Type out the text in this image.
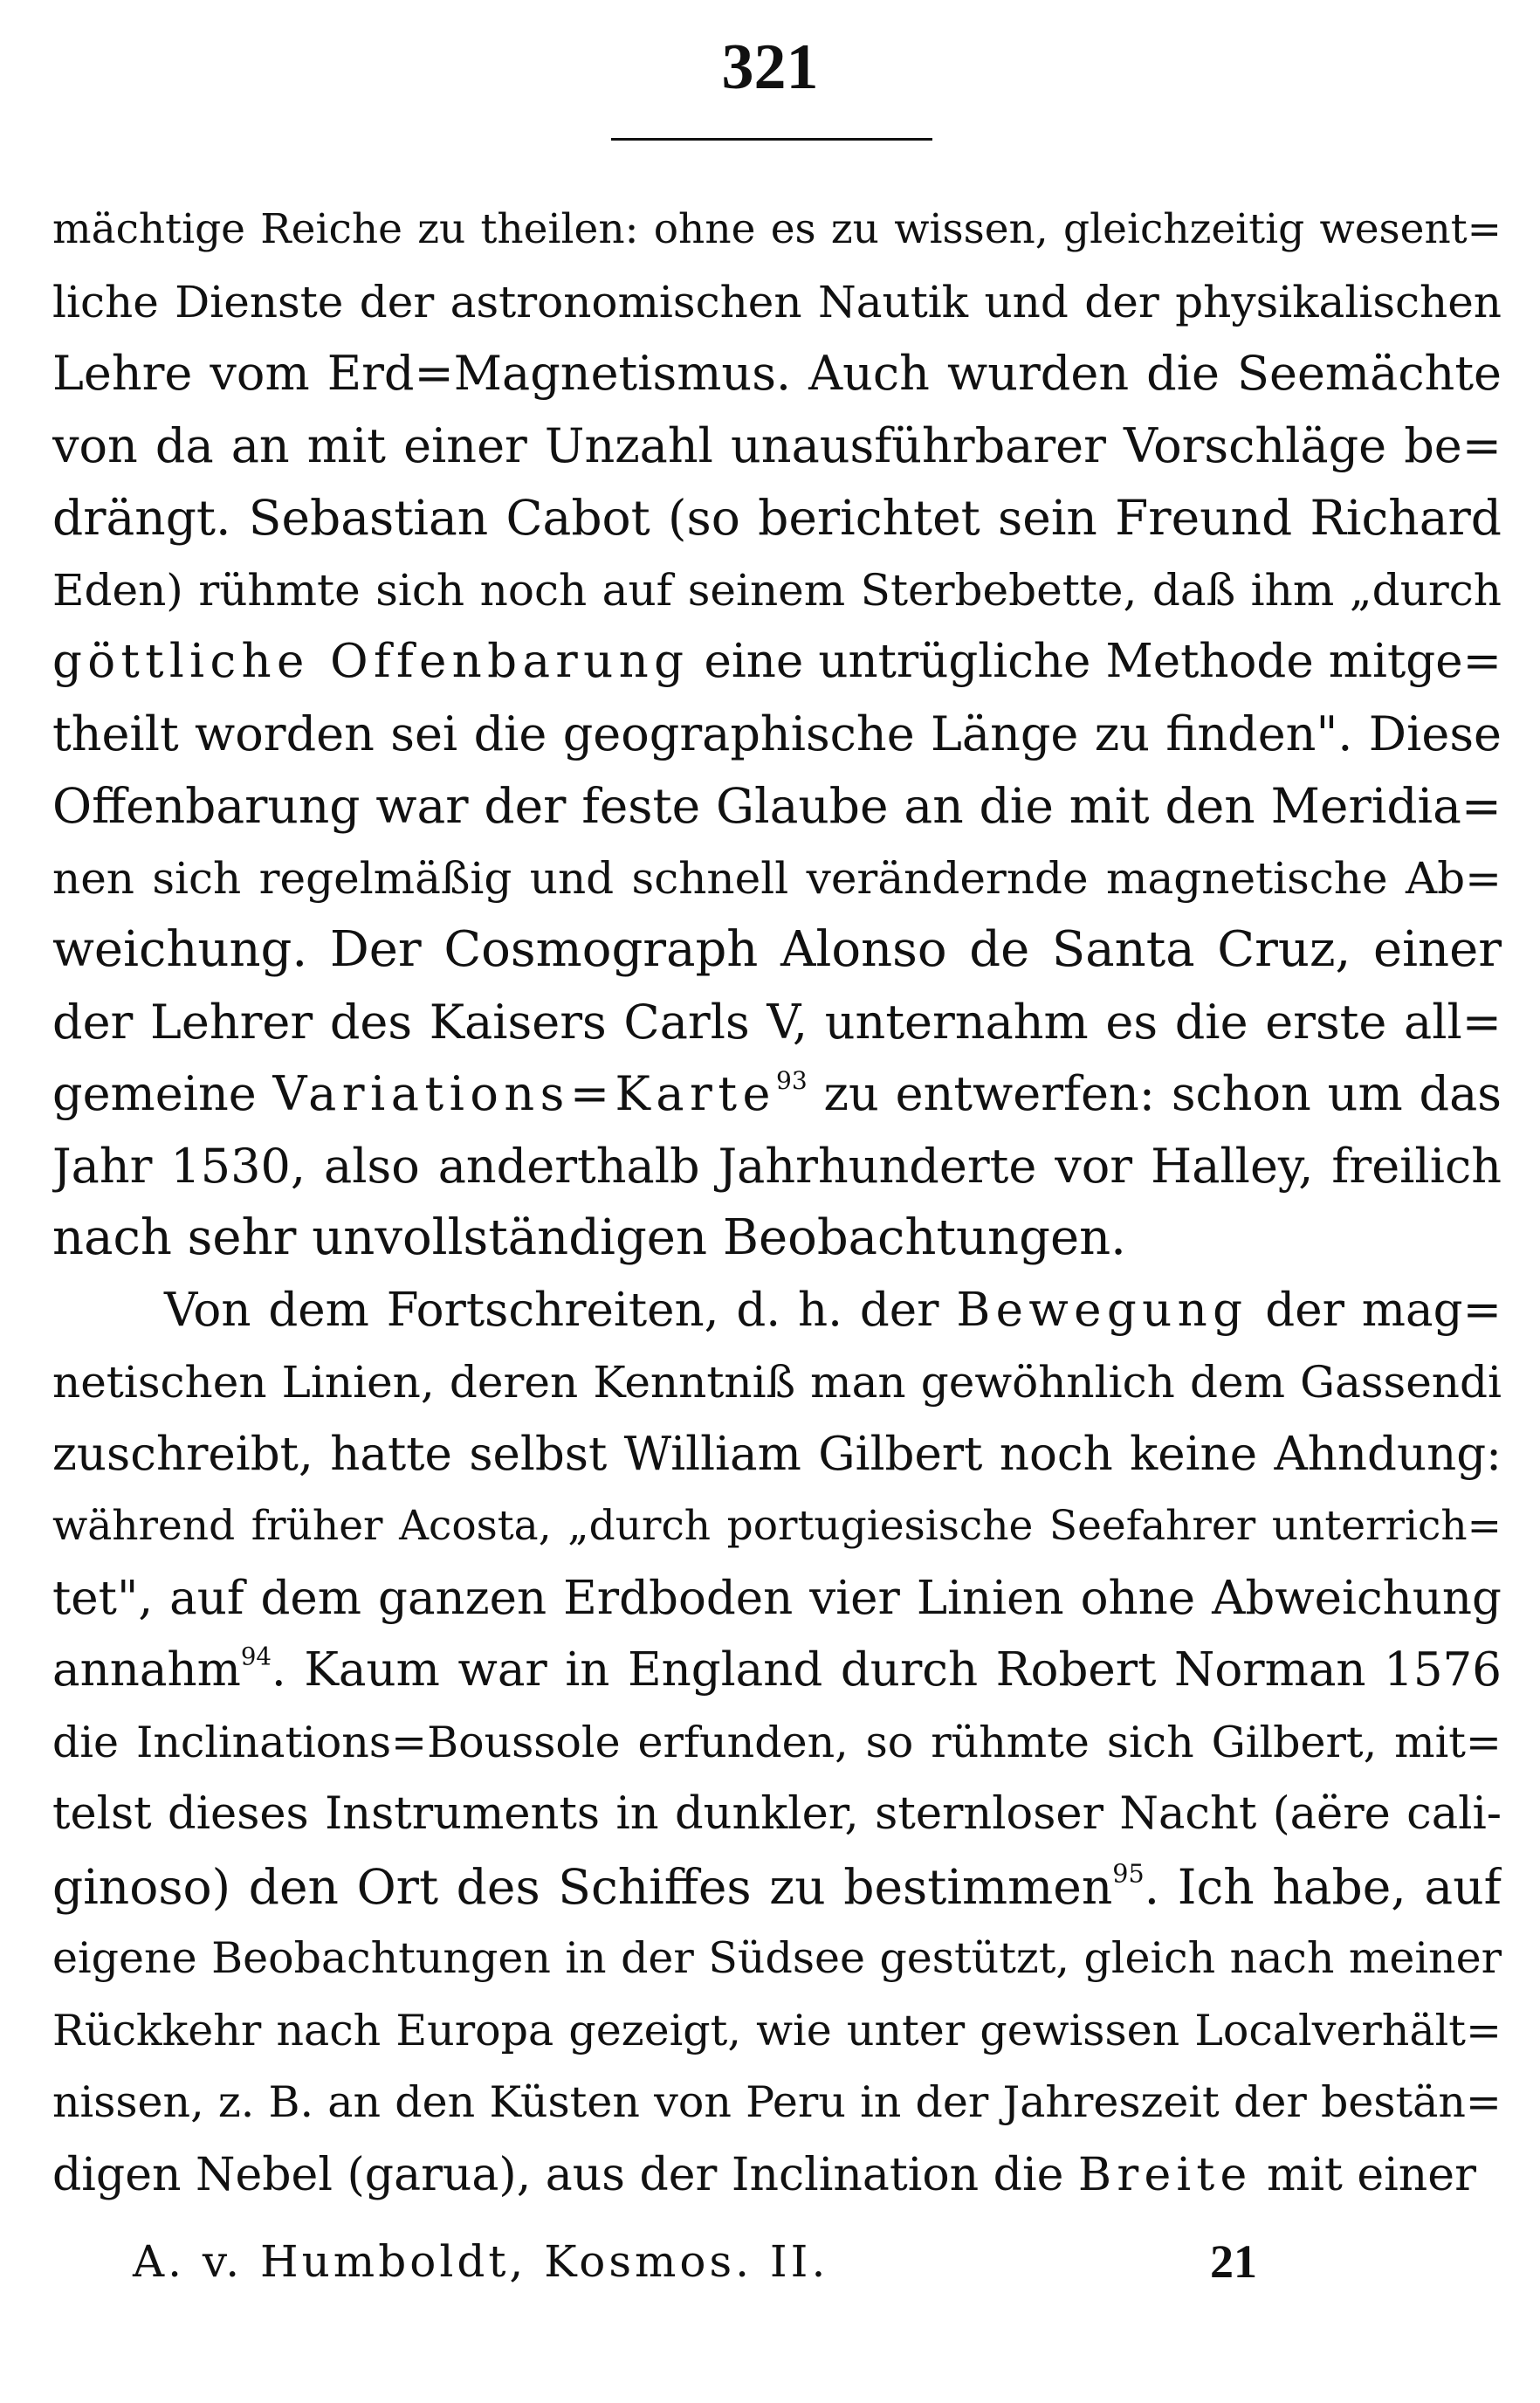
321
mächtige Reiche zu theilen: ohne es zu wissen, gleichzeitig wesent=
liche Dienste der astronomischen Nautik und der physikalischen
Lehre vom Erd=Magnetismus. Auch wurden die Seemächte
von da an mit einer Unzahl unausführbarer Vorschläge be=
drängt. Sebastian Cabot (so berichtet sein Freund Richard
Eden) rühmte sich noch auf seinem Sterbebette, daß ihm „durch
göttliche Offenbarung eine untrügliche Methode mitge=
theilt worden sei die geographische Länge zu finden". Diese
Offenbarung war der feste Glaube an die mit den Meridia=
nen sich regelmäßig und schnell verändernde magnetische Ab=
weichung. Der Cosmograph Alonso de Santa Cruz, einer
der Lehrer des Kaisers Carls V, unternahm es die erste all=
gemeine Variations=Karte$^{93}$ zu entwerfen: schon um das
Jahr 1530, also anderthalb Jahrhunderte vor Halley, freilich
nach sehr unvollständigen Beobachtungen.
Von dem Fortschreiten, d. h. der Bewegung der mag=
netischen Linien, deren Kenntniß man gewöhnlich dem Gassendi
zuschreibt, hatte selbst William Gilbert noch keine Ahndung:
während früher Acosta, „durch portugiesische Seefahrer unterrich=
tet", auf dem ganzen Erdboden vier Linien ohne Abweichung
annahm$^{94}$. Kaum war in England durch Robert Norman 1576
die Inclinations=Boussole erfunden, so rühmte sich Gilbert, mit=
telst dieses Instruments in dunkler, sternloser Nacht (aëre cali-
ginoso) den Ort des Schiffes zu bestimmen$^{95}$. Ich habe, auf
eigene Beobachtungen in der Südsee gestützt, gleich nach meiner
Rückkehr nach Europa gezeigt, wie unter gewissen Localverhält=
nissen, z. B. an den Küsten von Peru in der Jahreszeit der bestän=
digen Nebel (garua), aus der Inclination die Breite mit einer
A. v. Humboldt, Kosmos. II.	21
